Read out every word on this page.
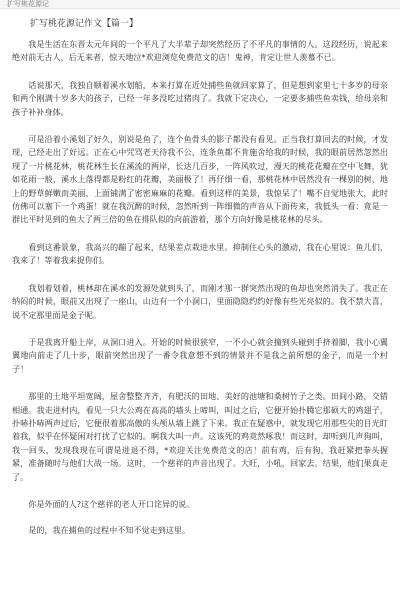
扩写桃花源记
扩写桃花源记作文【篇一】

我是生活在东晋太元年间的一个平凡了大半辈子却突然经历了不平凡的事情的人。这段经历，说起来绝对前无古人，后无来者，惊天地泣*欢迎浏览免费范文的店！鬼神，肯定让世人羡慕不已。

话说那天，我独自顺着溪水划船，本来打算在近处捕些鱼就回家算了，但是想到家里七十多岁的母亲和两个刚满十岁多大的孩子，已经一年多没吃过猪肉了。我就下定决心，一定要多捕些鱼卖钱，给母亲和孩子补补身体。

可是沿着小溪划了好久，别说是鱼了，连个鱼骨头的影子都没有看见。正当我打算回去的时候，才发现，已经走出了好远。正在心中咒骂老天待我不公，连条鱼都不肯施舍给我的时候，我的眼前居然忽然出现了一片桃花林，桃花林生长在溪流的两岸，长达几百步，一阵风吹过，漫天的桃花花瓣在空中飞舞，犹如花雨一般，溪水上落得都是粉红的花瓣，美丽极了！再仔细一看，那桃花林中居然没有一棵别的树，地上的野草鲜嫩而美丽，上面铺满了密密麻麻的花瓣。看到这样的美景，我惊呆了！嘴不自觉地张大，此时仿佛可以塞下一个鸡蛋！就在我沉醉的时候，忽然听到一阵细微的声音从下面传来，我低头一看：竟是一群比平时见到的鱼大了两三倍的鱼在排队似的向前游着，那个方向好像是桃花林的尽头。

看到这番景象，我高兴的蹦了起来，结果差点栽进水里。抑制住心头的激动，我在心里说：鱼儿们，我来了！等着我来捉你们。

我划着划着，桃林却在溪水的发源处就到头了，而刚才那一群突然出现的鱼却也突然消失了。我正在纳闷的时候，眼前又出现了一座山，山边有一个小洞口，里面隐隐约约好像有些光亮似的。我不禁大喜，说不定那里面是金子呢。

于是我离开船上岸，从洞口进入。开始的时候很狭窄，一不小心就会撞到头碰到手挤着脚，我小心翼翼地向前走了几十步，眼前突然出现了一番令我意想不到的情景并不是我之前所想的金子，而是一个村子！

那里的土地平坦宽阔，屋舍整整齐齐，有肥沃的田地、美好的池塘和桑树竹子之类。田间小路，交错相通。我走进村内，看见一只大公鸡在高高的墙头上啼叫，叫过之后，它便开始扑腾它那硕大的鸡翅子，扑哧扑哧两声过后，它便很着那高傲的头颅从墙上跳了下来。我正在疑惑中，就发现它用那些尖的目光盯着我，似乎在怀疑闲对打扰了它似的。啊我大叫一声。这该死的鸡竟然啄我！而这时，却听到几声狗叫，我一回头，发现我现在可谓是进退不得，*欢迎关注免费范文的店！前有鸡，后有狗，我赶紧把拳头握紧，准备随时与他们大战一场。这时，一个慈祥的声音出现了。大旺，小吼，回家去。结果，他们果真走了。

你是外面的人?这个慈祥的老人开口诧异的说。

是的，我在捕鱼的过程中不知不觉走到这里。
